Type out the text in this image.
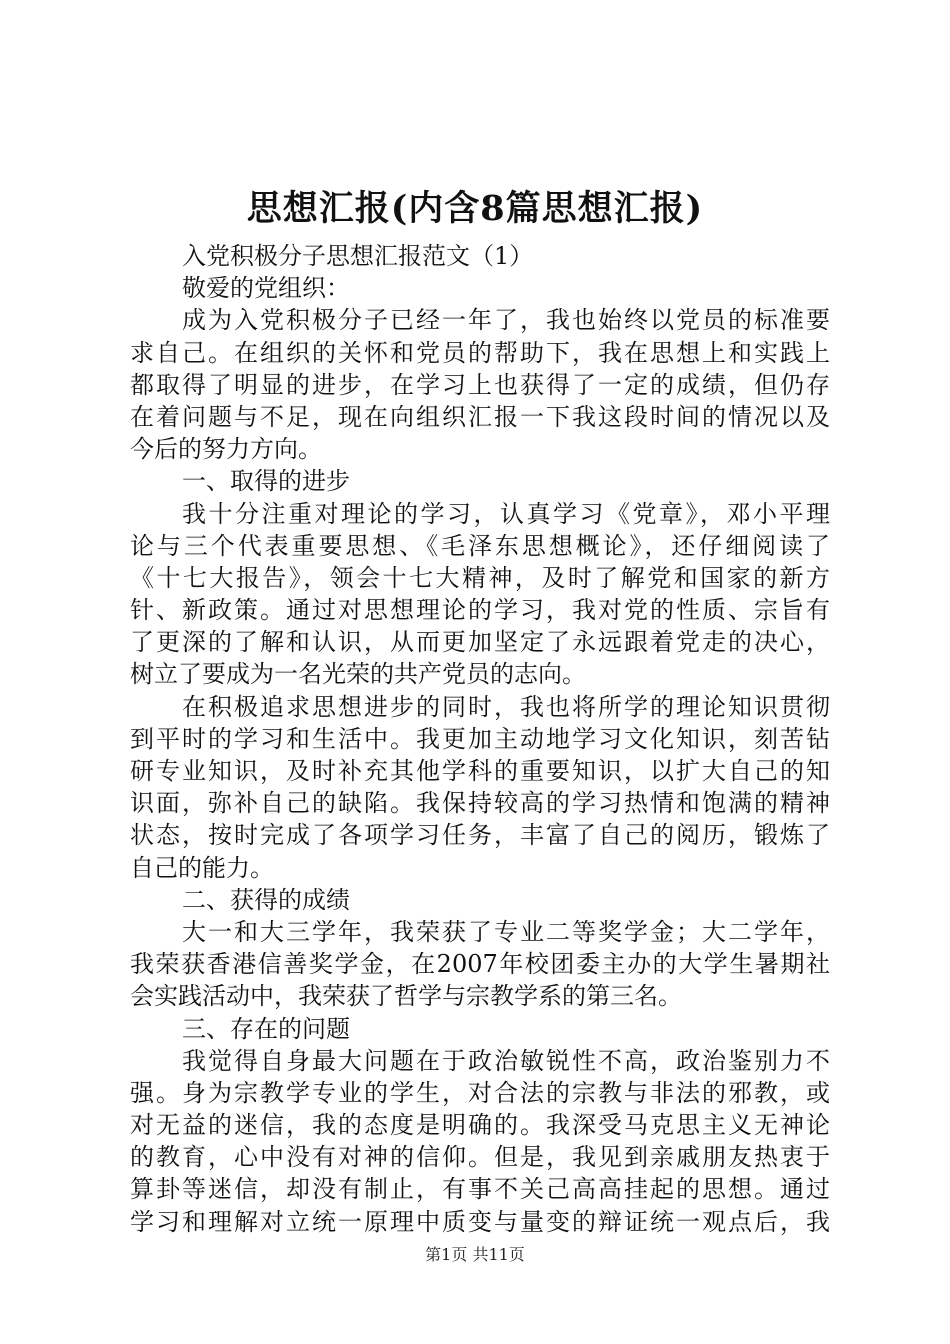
思想汇报(内含8篇思想汇报)
入党积极分子思想汇报范文（1）
敬爱的党组织：
成为入党积极分子已经一年了，我也始终以党员的标准要
求自己。在组织的关怀和党员的帮助下，我在思想上和实践上
都取得了明显的进步，在学习上也获得了一定的成绩，但仍存
在着问题与不足，现在向组织汇报一下我这段时间的情况以及
今后的努力方向。
一、取得的进步
我十分注重对理论的学习，认真学习《党章》，邓小平理
论与三个代表重要思想、《毛泽东思想概论》，还仔细阅读了
《十七大报告》，领会十七大精神，及时了解党和国家的新方
针、新政策。通过对思想理论的学习，我对党的性质、宗旨有
了更深的了解和认识，从而更加坚定了永远跟着党走的决心，
树立了要成为一名光荣的共产党员的志向。
在积极追求思想进步的同时，我也将所学的理论知识贯彻
到平时的学习和生活中。我更加主动地学习文化知识，刻苦钻
研专业知识，及时补充其他学科的重要知识，以扩大自己的知
识面，弥补自己的缺陷。我保持较高的学习热情和饱满的精神
状态，按时完成了各项学习任务，丰富了自己的阅历，锻炼了
自己的能力。
二、获得的成绩
大一和大三学年，我荣获了专业二等奖学金；大二学年，
我荣获香港信善奖学金，在2007年校团委主办的大学生暑期社
会实践活动中，我荣获了哲学与宗教学系的第三名。
三、存在的问题
我觉得自身最大问题在于政治敏锐性不高，政治鉴别力不
强。身为宗教学专业的学生，对合法的宗教与非法的邪教，或
对无益的迷信，我的态度是明确的。我深受马克思主义无神论
的教育，心中没有对神的信仰。但是，我见到亲戚朋友热衷于
算卦等迷信，却没有制止，有事不关己高高挂起的思想。通过
学习和理解对立统一原理中质变与量变的辩证统一观点后，我
第1页 共11页
